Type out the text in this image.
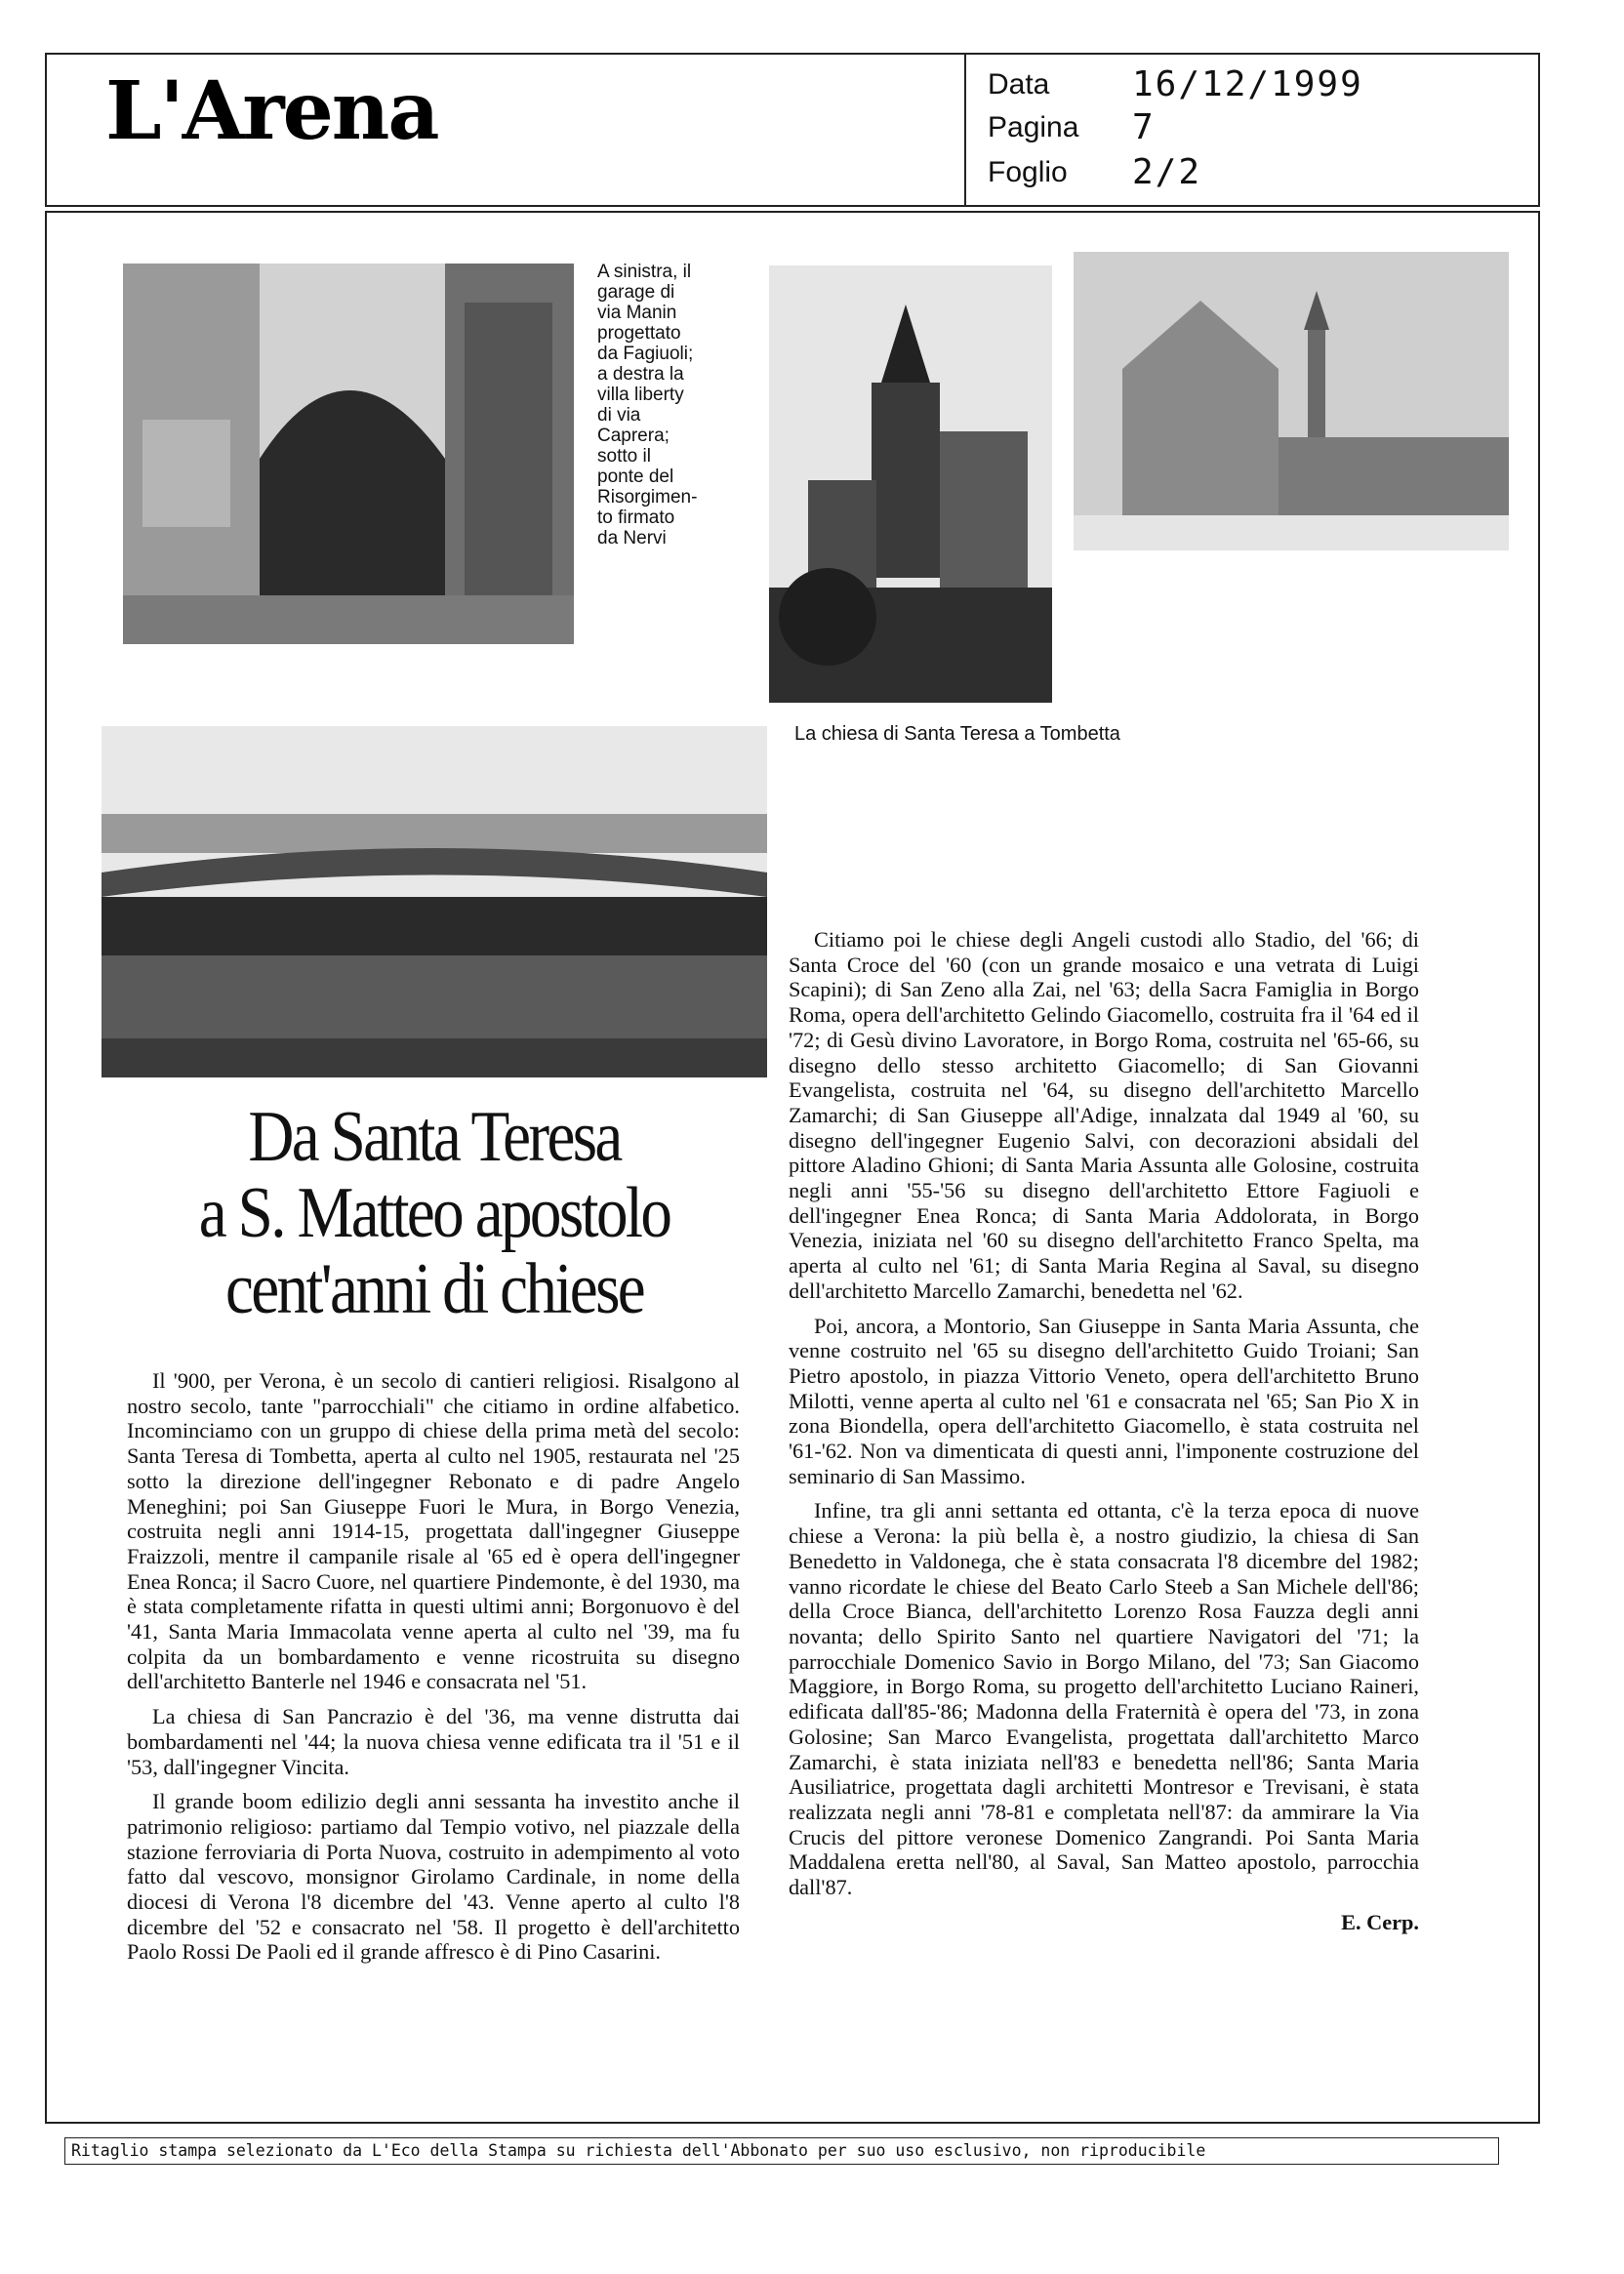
L'Arena	Data 16/12/1999
Pagina 7
Foglio 2/2
A sinistra, il
garage di
via Manin
progettato
da Fagiuoli;
a destra la
villa liberty
di via
Caprera;
sotto il
ponte del
Risorgimen-
to firmato
da Nervi
La chiesa di Santa Teresa a Tombetta
Da Santa Teresa
a S. Matteo apostolo
cent'anni di chiese

Il '900, per Verona, è un secolo di cantieri religiosi. Risalgono al nostro secolo, tante "parrocchiali" che citiamo in ordine alfabetico. Incominciamo con un gruppo di chiese della prima metà del secolo: Santa Teresa di Tombetta, aperta al culto nel 1905, restaurata nel '25 sotto la direzione dell'ingegner Rebonato e di padre Angelo Meneghini; poi San Giuseppe Fuori le Mura, in Borgo Venezia, costruita negli anni 1914-15, progettata dall'ingegner Giuseppe Fraizzoli, mentre il campanile risale al '65 ed è opera dell'ingegner Enea Ronca; il Sacro Cuore, nel quartiere Pindemonte, è del 1930, ma è stata completamente rifatta in questi ultimi anni; Borgonuovo è del '41, Santa Maria Immacolata venne aperta al culto nel '39, ma fu colpita da un bombardamento e venne ricostruita su disegno dell'architetto Banterle nel 1946 e consacrata nel '51.

La chiesa di San Pancrazio è del '36, ma venne distrutta dai bombardamenti nel '44; la nuova chiesa venne edificata tra il '51 e il '53, dall'ingegner Vincita.

Il grande boom edilizio degli anni sessanta ha investito anche il patrimonio religioso: partiamo dal Tempio votivo, nel piazzale della stazione ferroviaria di Porta Nuova, costruito in adempimento al voto fatto dal vescovo, monsignor Girolamo Cardinale, in nome della diocesi di Verona l'8 dicembre del '43. Venne aperto al culto l'8 dicembre del '52 e consacrato nel '58. Il progetto è dell'architetto Paolo Rossi De Paoli ed il grande affresco è di Pino Casarini.

Citiamo poi le chiese degli Angeli custodi allo Stadio, del '66; di Santa Croce del '60 (con un grande mosaico e una vetrata di Luigi Scapini); di San Zeno alla Zai, nel '63; della Sacra Famiglia in Borgo Roma, opera dell'architetto Gelindo Giacomello, costruita fra il '64 ed il '72; di Gesù divino Lavoratore, in Borgo Roma, costruita nel '65-66, su disegno dello stesso architetto Giacomello; di San Giovanni Evangelista, costruita nel '64, su disegno dell'architetto Marcello Zamarchi; di San Giuseppe all'Adige, innalzata dal 1949 al '60, su disegno dell'ingegner Eugenio Salvi, con decorazioni absidali del pittore Aladino Ghioni; di Santa Maria Assunta alle Golosine, costruita negli anni '55-'56 su disegno dell'architetto Ettore Fagiuoli e dell'ingegner Enea Ronca; di Santa Maria Addolorata, in Borgo Venezia, iniziata nel '60 su disegno dell'architetto Franco Spelta, ma aperta al culto nel '61; di Santa Maria Regina al Saval, su disegno dell'architetto Marcello Zamarchi, benedetta nel '62.

Poi, ancora, a Montorio, San Giuseppe in Santa Maria Assunta, che venne costruito nel '65 su disegno dell'architetto Guido Troiani; San Pietro apostolo, in piazza Vittorio Veneto, opera dell'architetto Bruno Milotti, venne aperta al culto nel '61 e consacrata nel '65; San Pio X in zona Biondella, opera dell'architetto Giacomello, è stata costruita nel '61-'62. Non va dimenticata di questi anni, l'imponente costruzione del seminario di San Massimo.

Infine, tra gli anni settanta ed ottanta, c'è la terza epoca di nuove chiese a Verona: la più bella è, a nostro giudizio, la chiesa di San Benedetto in Valdonega, che è stata consacrata l'8 dicembre del 1982; vanno ricordate le chiese del Beato Carlo Steeb a San Michele dell'86; della Croce Bianca, dell'architetto Lorenzo Rosa Fauzza degli anni novanta; dello Spirito Santo nel quartiere Navigatori del '71; la parrocchiale Domenico Savio in Borgo Milano, del '73; San Giacomo Maggiore, in Borgo Roma, su progetto dell'architetto Luciano Raineri, edificata dall'85-'86; Madonna della Fraternità è opera del '73, in zona Golosine; San Marco Evangelista, progettata dall'architetto Marco Zamarchi, è stata iniziata nell'83 e benedetta nell'86; Santa Maria Ausiliatrice, progettata dagli architetti Montresor e Trevisani, è stata realizzata negli anni '78-81 e completata nell'87: da ammirare la Via Crucis del pittore veronese Domenico Zangrandi. Poi Santa Maria Maddalena eretta nell'80, al Saval, San Matteo apostolo, parrocchia dall'87.

E. Cerp.

Ritaglio stampa selezionato da L'Eco della Stampa su richiesta dell'Abbonato per suo uso esclusivo, non riproducibile
